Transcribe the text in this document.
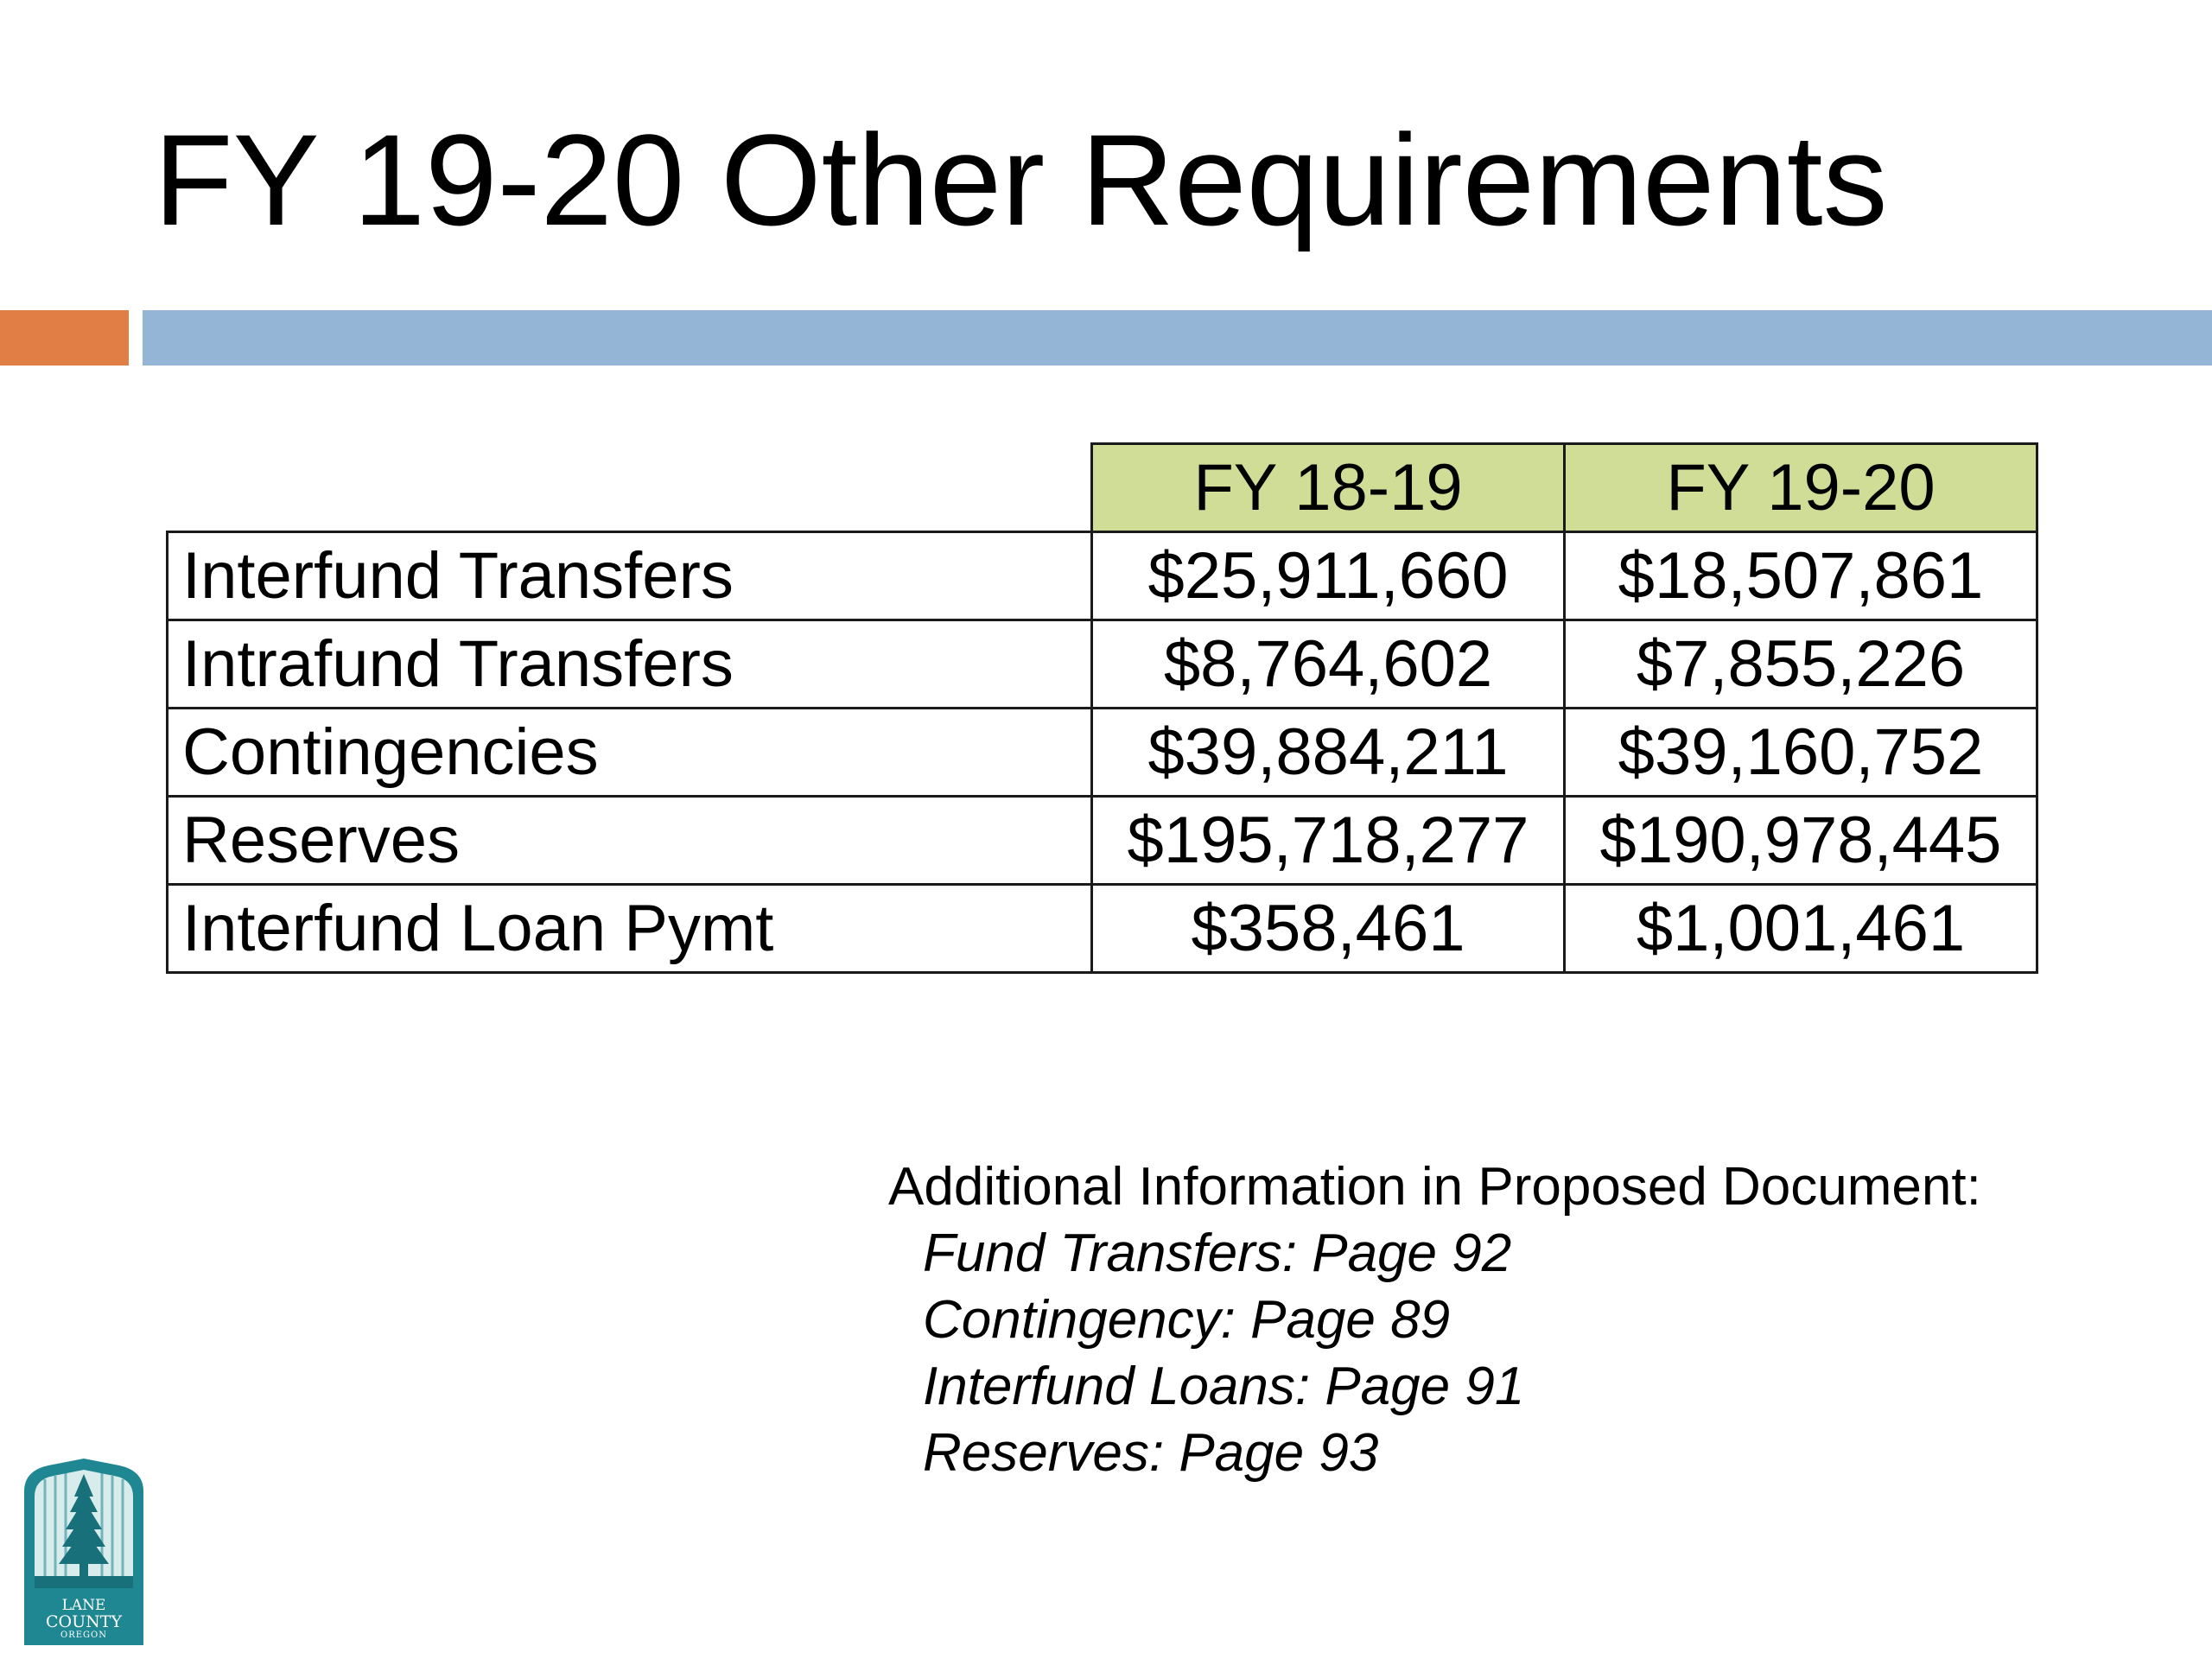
FY 19-20 Other Requirements
	FY 18-19	FY 19-20
Interfund Transfers	$25,911,660	$18,507,861
Intrafund Transfers	$8,764,602	$7,855,226
Contingencies	$39,884,211	$39,160,752
Reserves	$195,718,277	$190,978,445
Interfund Loan Pymt	$358,461	$1,001,461
Additional Information in Proposed Document:
Fund Transfers: Page 92
Contingency: Page 89
Interfund Loans: Page 91
Reserves: Page 93
LANE
COUNTY
OREGON
